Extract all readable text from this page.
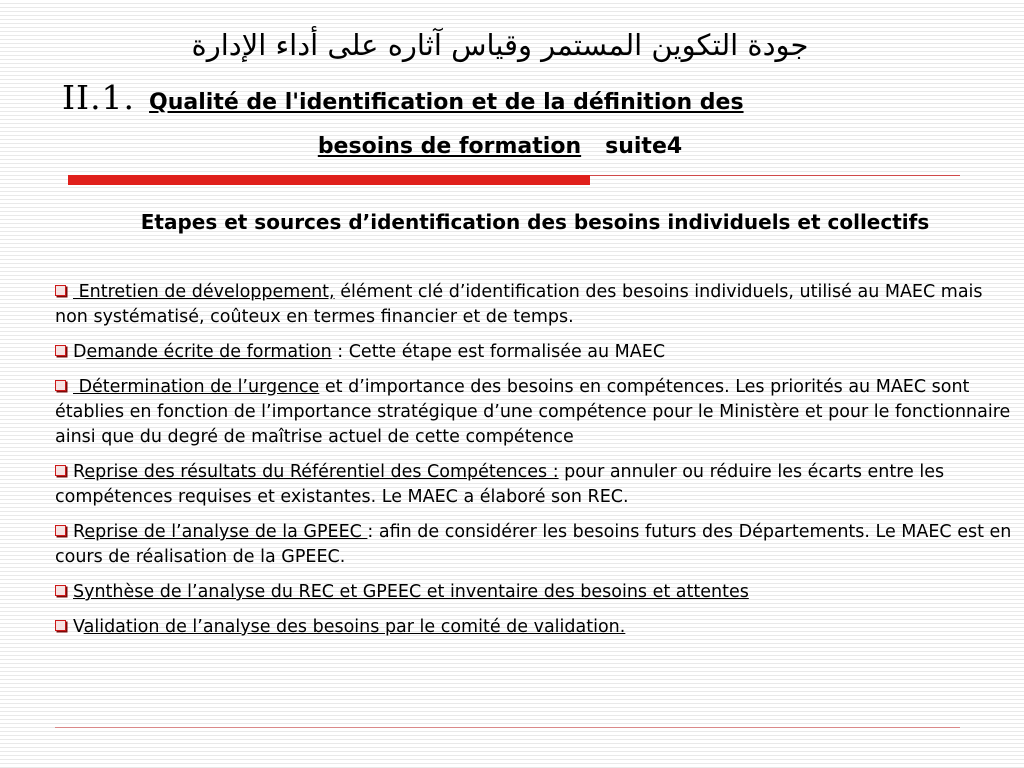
جودة التكوين المستمر وقياس آثاره على أداء الإدارة
II.1. Qualité de l'identification et de la définition des
besoins de formation suite4
Etapes et sources d’identification des besoins individuels et collectifs
Entretien de développement, élément clé d’identification des besoins individuels, utilisé au MAEC mais non systématisé, coûteux en termes financier et de temps.
Demande écrite de formation : Cette étape est formalisée au MAEC
Détermination de l’urgence et d’importance des besoins en compétences. Les priorités au MAEC sont établies en fonction de l’importance stratégique d’une compétence pour le Ministère et pour le fonctionnaire ainsi que du degré de maîtrise actuel de cette compétence
Reprise des résultats du Référentiel des Compétences : pour annuler ou réduire les écarts entre les compétences requises et existantes. Le MAEC a élaboré son REC.
Reprise de l’analyse de la GPEEC : afin de considérer les besoins futurs des Départements. Le MAEC est en cours de réalisation de la GPEEC.
Synthèse de l’analyse du REC et GPEEC et inventaire des besoins et attentes
Validation de l’analyse des besoins par le comité de validation.
